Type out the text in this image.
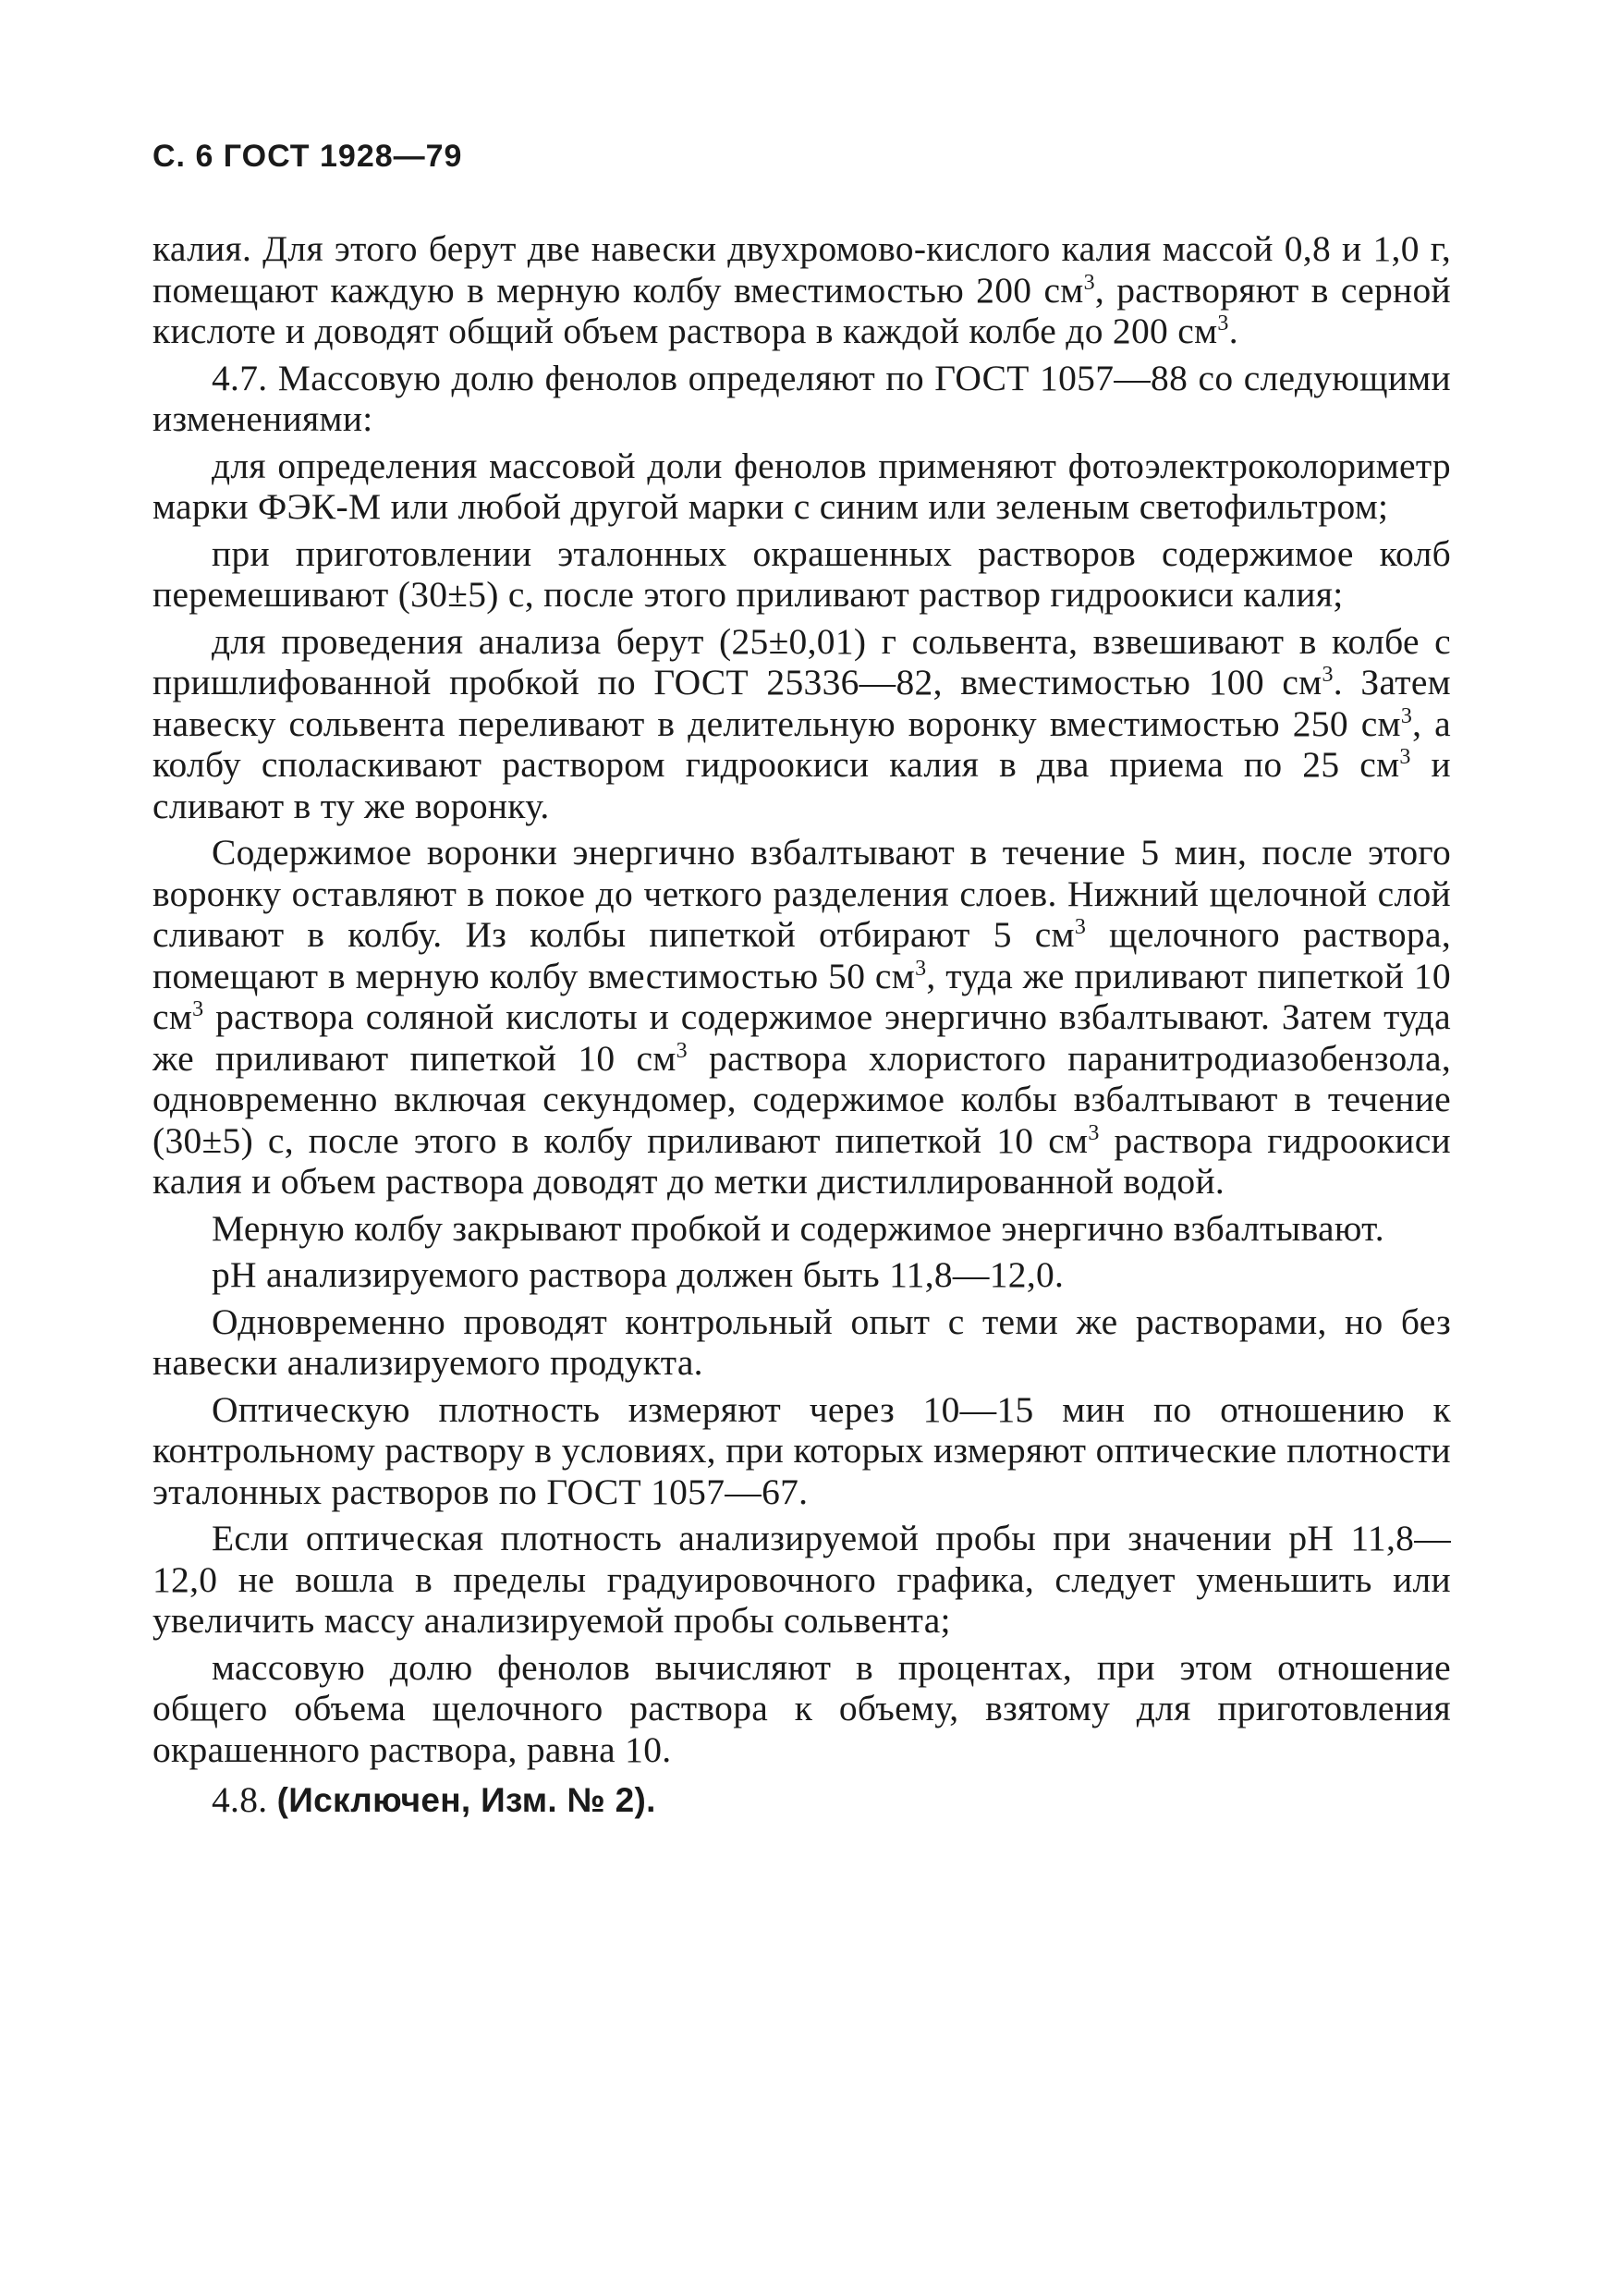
С. 6 ГОСТ 1928—79

калия. Для этого берут две навески двухромово-кислого калия массой 0,8 и 1,0 г, помещают каждую в мерную колбу вместимостью 200 $см^3$, растворяют в серной кислоте и доводят общий объем раствора в каждой колбе до 200 $см^3$.

4.7. Массовую долю фенолов определяют по ГОСТ 1057—88 со следующими изменениями:

для определения массовой доли фенолов применяют фотоэлектроколориметр марки ФЭК-М или любой другой марки с синим или зеленым светофильтром;

при приготовлении эталонных окрашенных растворов содержимое колб перемешивают (30±5) с, после этого приливают раствор гидроокиси калия;

для проведения анализа берут (25±0,01) г сольвента, взвешивают в колбе с пришлифованной пробкой по ГОСТ 25336—82, вместимостью 100 $см^3$. Затем навеску сольвента переливают в делительную воронку вместимостью 250 $см^3$, а колбу споласкивают раствором гидроокиси калия в два приема по 25 $см^3$ и сливают в ту же воронку.

Содержимое воронки энергично взбалтывают в течение 5 мин, после этого воронку оставляют в покое до четкого разделения слоев. Нижний щелочной слой сливают в колбу. Из колбы пипеткой отбирают 5 $см^3$ щелочного раствора, помещают в мерную колбу вместимостью 50 $см^3$, туда же приливают пипеткой 10 $см^3$ раствора соляной кислоты и содержимое энергично взбалтывают. Затем туда же приливают пипеткой 10 $см^3$ раствора хлористого паранитродиазобензола, одновременно включая секундомер, содержимое колбы взбалтывают в течение (30±5) с, после этого в колбу приливают пипеткой 10 $см^3$ раствора гидроокиси калия и объем раствора доводят до метки дистиллированной водой.

Мерную колбу закрывают пробкой и содержимое энергично взбалтывают.

pH анализируемого раствора должен быть 11,8—12,0.

Одновременно проводят контрольный опыт с теми же растворами, но без навески анализируемого продукта.

Оптическую плотность измеряют через 10—15 мин по отношению к контрольному раствору в условиях, при которых измеряют оптические плотности эталонных растворов по ГОСТ 1057—67.

Если оптическая плотность анализируемой пробы при значении pH 11,8—12,0 не вошла в пределы градуировочного графика, следует уменьшить или увеличить массу анализируемой пробы сольвента;

массовую долю фенолов вычисляют в процентах, при этом отношение общего объема щелочного раствора к объему, взятому для приготовления окрашенного раствора, равна 10.

4.8. (Исключен, Изм. № 2).
